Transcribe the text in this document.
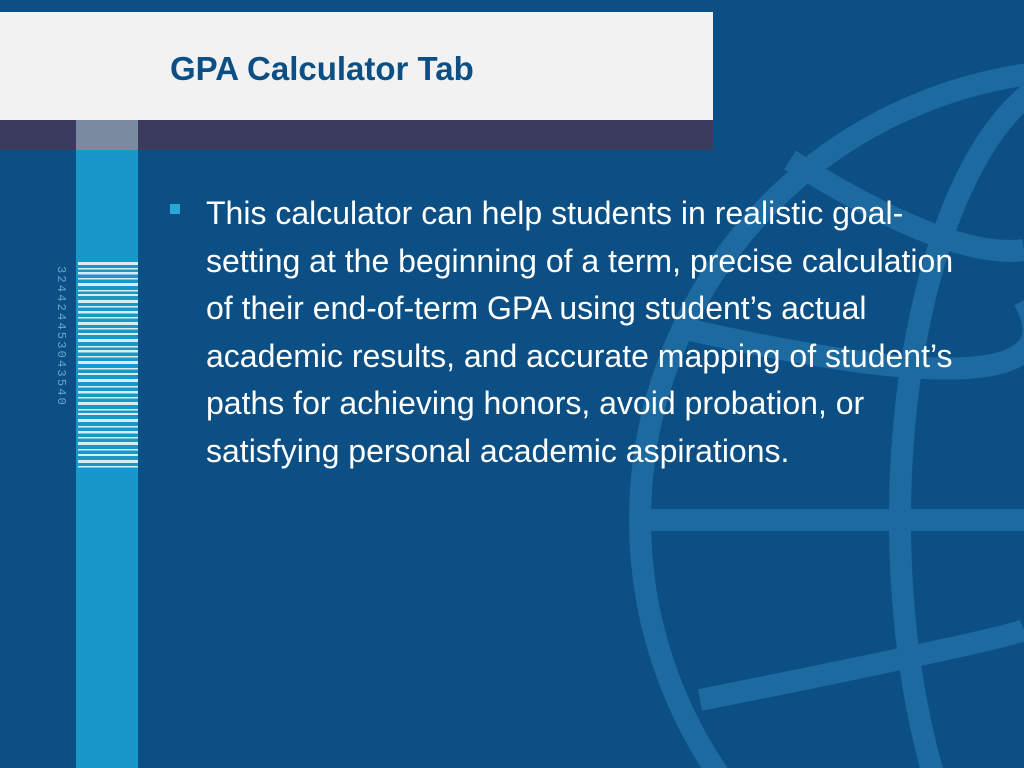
GPA Calculator Tab
324424453043540

This calculator can help students in realistic goal-setting at the beginning of a term, precise calculation of their end-of-term GPA using student’s actual academic results, and accurate mapping of student’s paths for achieving honors, avoid probation, or satisfying personal academic aspirations.
